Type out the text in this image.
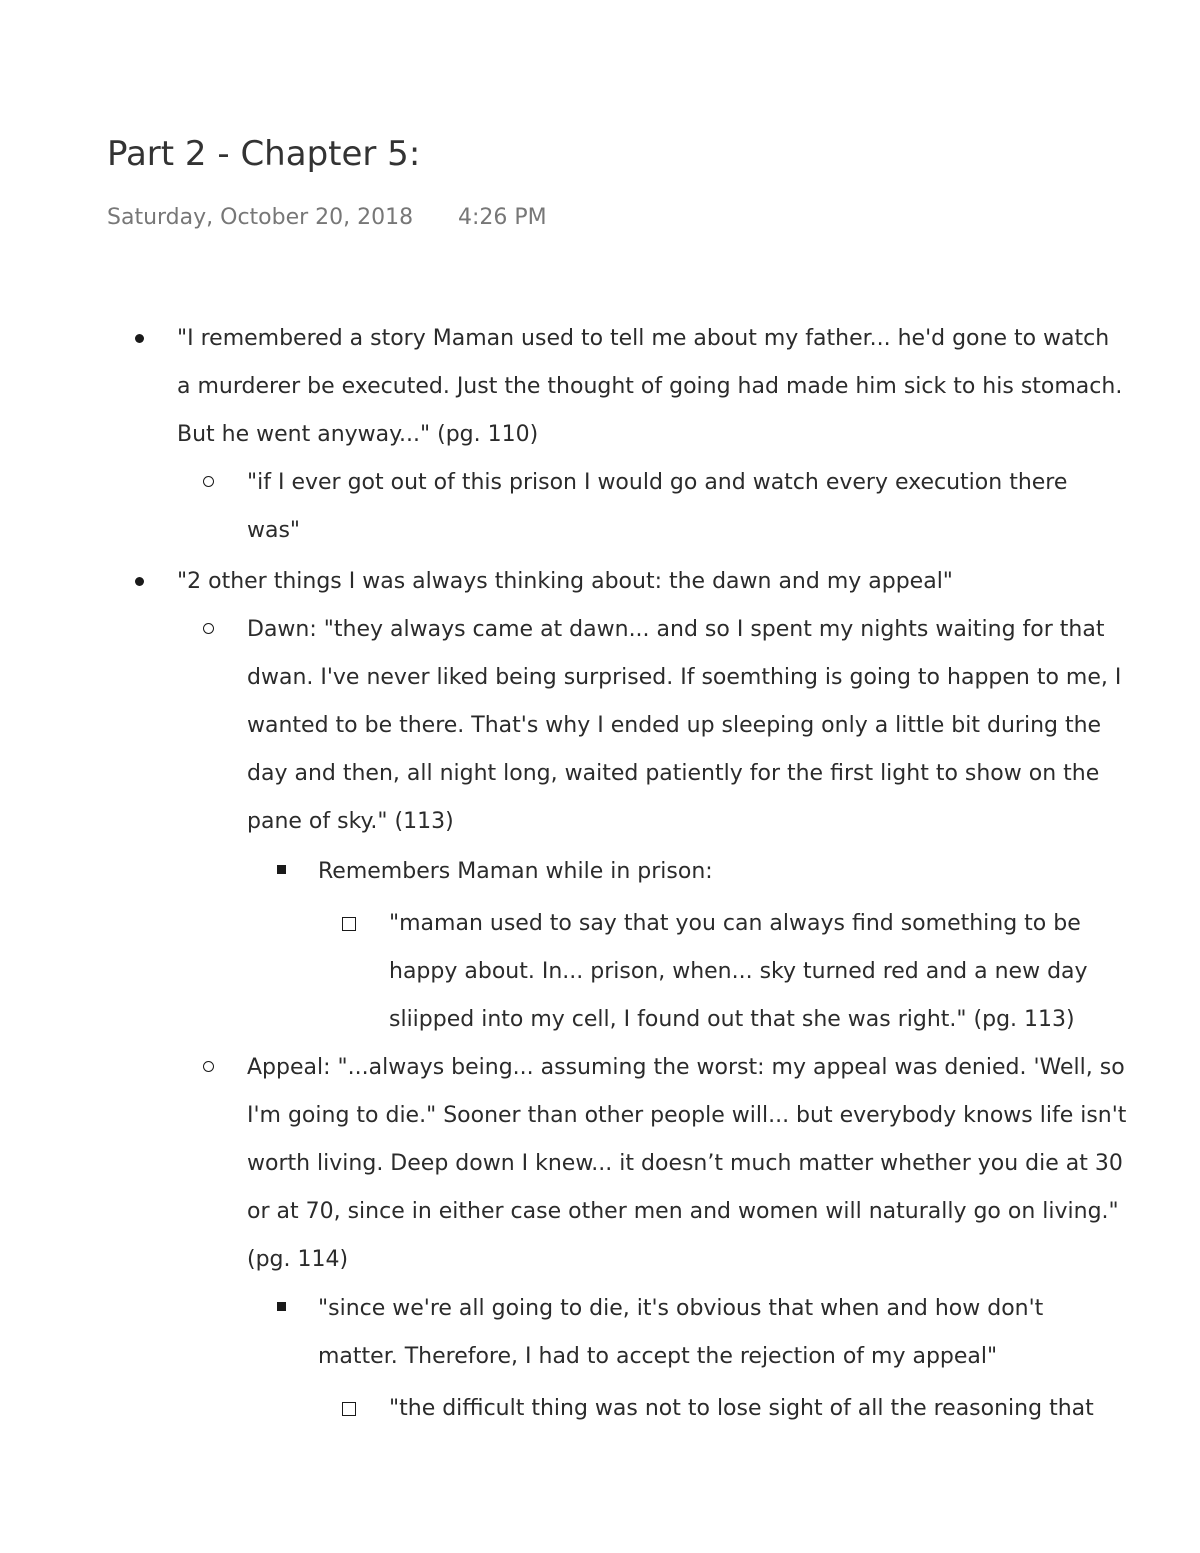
Part 2 - Chapter 5:
Saturday, October 20, 2018 4:26 PM
"I remembered a story Maman used to tell me about my father... he'd gone to watch a murderer be executed. Just the thought of going had made him sick to his stomach. But he went anyway..." (pg. 110)
"if I ever got out of this prison I would go and watch every execution there was"
"2 other things I was always thinking about: the dawn and my appeal"
Dawn: "they always came at dawn... and so I spent my nights waiting for that dwan. I've never liked being surprised. If soemthing is going to happen to me, I wanted to be there. That's why I ended up sleeping only a little bit during the day and then, all night long, waited patiently for the first light to show on the pane of sky." (113)
Remembers Maman while in prison:
"maman used to say that you can always find something to be happy about. In... prison, when... sky turned red and a new day sliipped into my cell, I found out that she was right." (pg. 113)
Appeal: "...always being... assuming the worst: my appeal was denied. 'Well, so I'm going to die." Sooner than other people will... but everybody knows life isn't worth living. Deep down I knew... it doesn’t much matter whether you die at 30 or at 70, since in either case other men and women will naturally go on living." (pg. 114)
"since we're all going to die, it's obvious that when and how don't matter. Therefore, I had to accept the rejection of my appeal"
"the difficult thing was not to lose sight of all the reasoning that
